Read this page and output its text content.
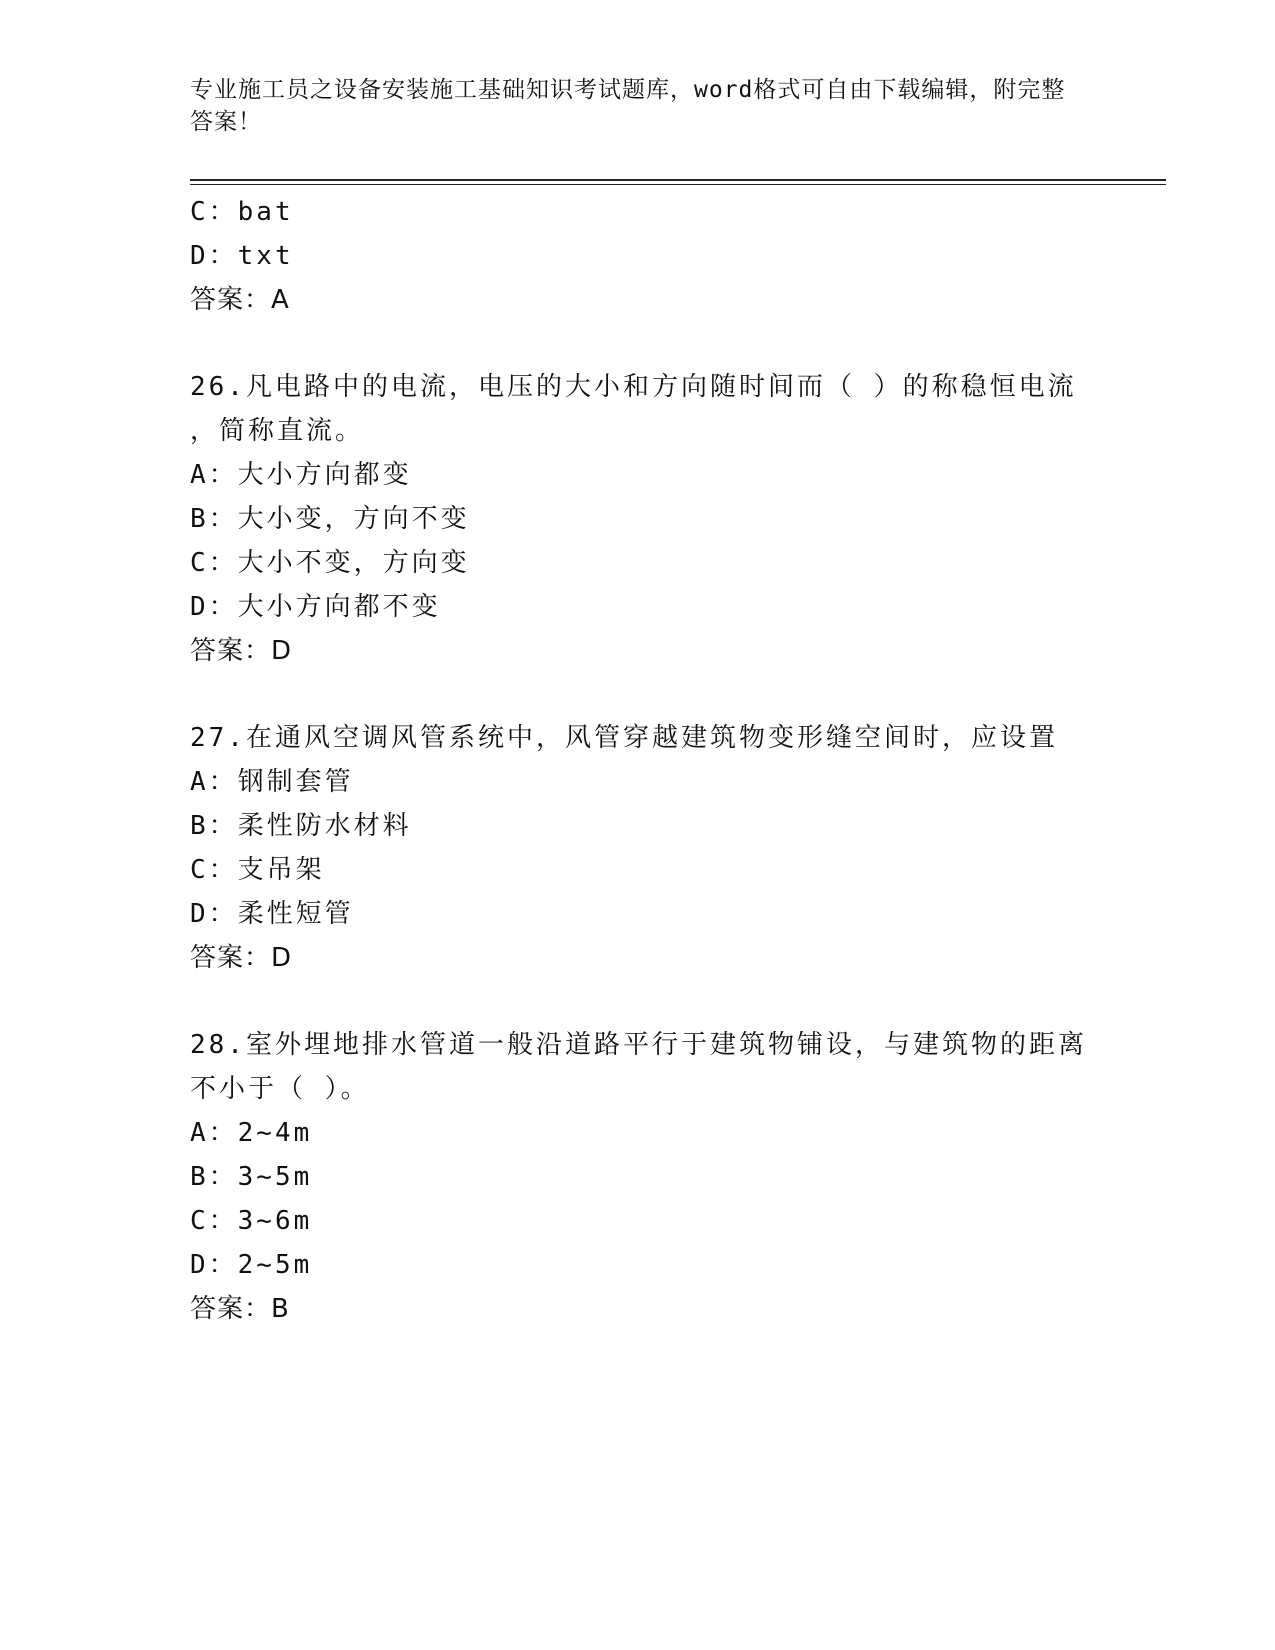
专业施工员之设备安装施工基础知识考试题库，word格式可自由下载编辑，附完整答案！
C：bat
D：txt
答案：A
26.凡电路中的电流，电压的大小和方向随时间而（ ）的称稳恒电流
，简称直流。
A：大小方向都变
B：大小变，方向不变
C：大小不变，方向变
D：大小方向都不变
答案：D
27.在通风空调风管系统中，风管穿越建筑物变形缝空间时，应设置
A：钢制套管
B：柔性防水材料
C：支吊架
D：柔性短管
答案：D
28.室外埋地排水管道一般沿道路平行于建筑物铺设，与建筑物的距离
不小于（ ）。
A：2~4m
B：3~5m
C：3~6m
D：2~5m
答案：B
